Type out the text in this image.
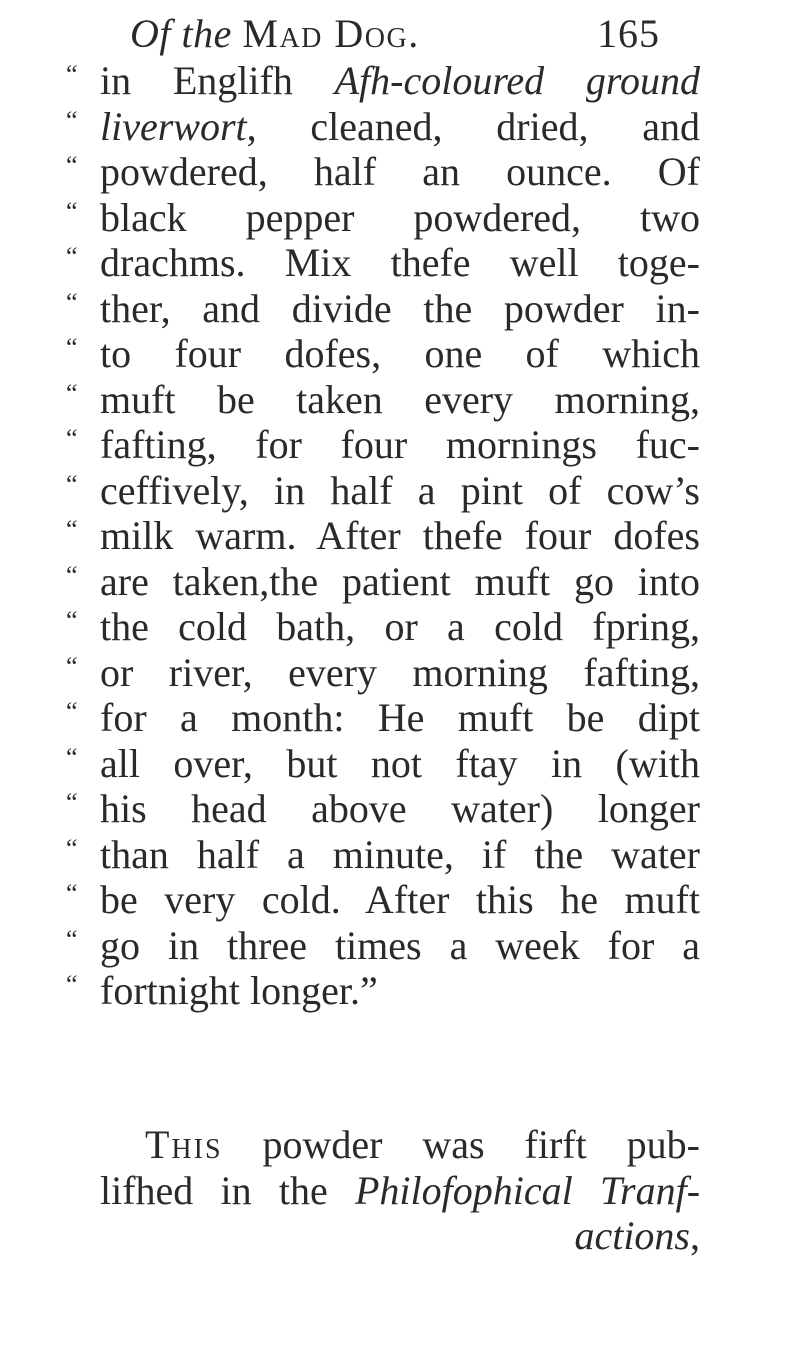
Of the Mad Dog.	165
“ in Englifh Afh-coloured ground
“ liverwort, cleaned, dried, and
“ powdered, half an ounce. Of
“ black pepper powdered, two
“ drachms. Mix thefe well toge-
“ ther, and divide the powder in-
“ to four dofes, one of which
“ muft be taken every morning,
“ fafting, for four mornings fuc-
“ ceffively, in half a pint of cow’s
“ milk warm. After thefe four dofes
“ are taken,the patient muft go into
“ the cold bath, or a cold fpring,
“ or river, every morning fafting,
“ for a month: He muft be dipt
“ all over, but not ftay in (with
“ his head above water) longer
“ than half a minute, if the water
“ be very cold. After this he muft
“ go in three times a week for a
“ fortnight longer.”
This powder was firft pub-
lifhed in the Philofophical Tranf-
actions,
